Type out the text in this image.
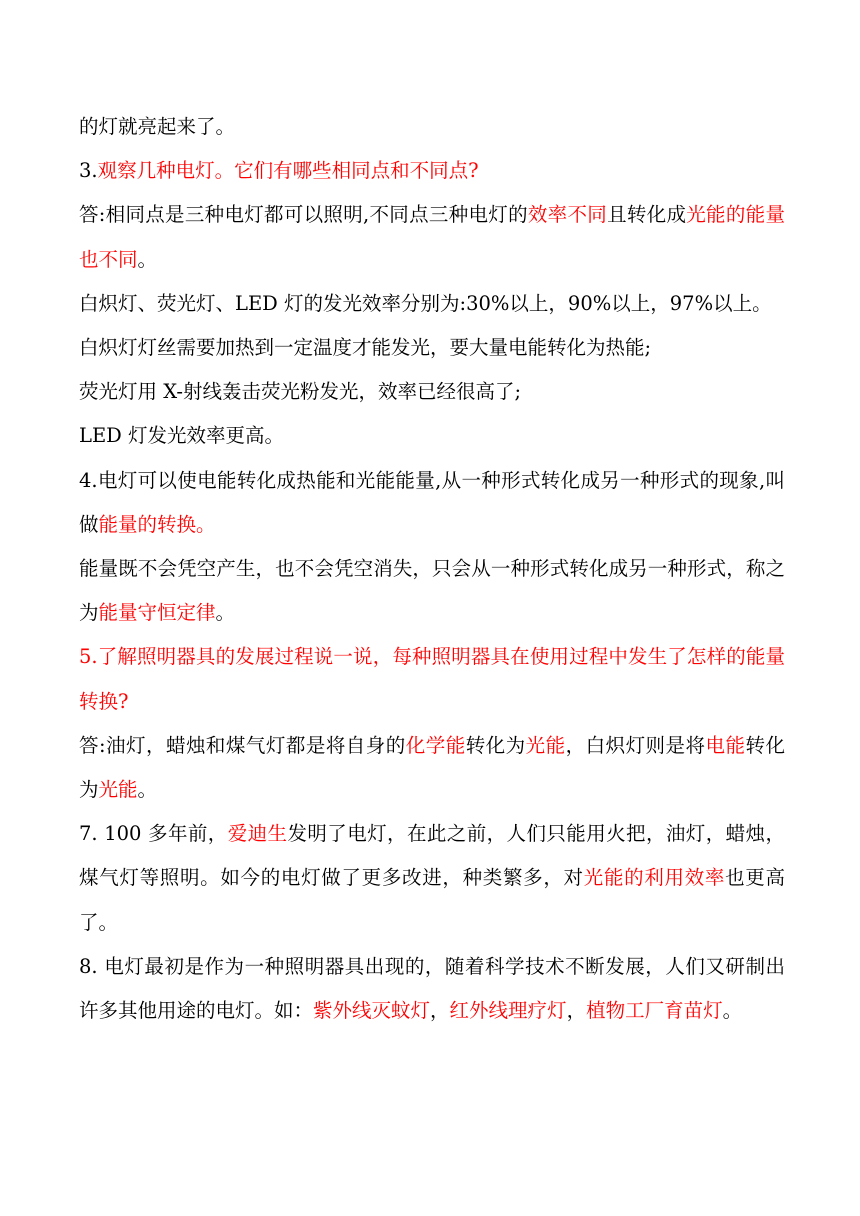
的灯就亮起来了。

3.观察几种电灯。它们有哪些相同点和不同点?

答:相同点是三种电灯都可以照明,不同点三种电灯的效率不同且转化成光能的能量也不同。

白炽灯、荧光灯、LED 灯的发光效率分别为:30%以上，90%以上，97%以上。

白炽灯灯丝需要加热到一定温度才能发光，要大量电能转化为热能;

荧光灯用 X-射线轰击荧光粉发光，效率已经很高了;

LED 灯发光效率更高。

4.电灯可以使电能转化成热能和光能能量,从一种形式转化成另一种形式的现象,叫做能量的转换。

能量既不会凭空产生，也不会凭空消失，只会从一种形式转化成另一种形式，称之为能量守恒定律。

5.了解照明器具的发展过程说一说，每种照明器具在使用过程中发生了怎样的能量转换?

答:油灯，蜡烛和煤气灯都是将自身的化学能转化为光能，白炽灯则是将电能转化为光能。

7. 100 多年前，爱迪生发明了电灯，在此之前，人们只能用火把，油灯，蜡烛，煤气灯等照明。如今的电灯做了更多改进，种类繁多，对光能的利用效率也更高了。

8. 电灯最初是作为一种照明器具出现的，随着科学技术不断发展，人们又研制出许多其他用途的电灯。如：紫外线灭蚊灯，红外线理疗灯，植物工厂育苗灯。
